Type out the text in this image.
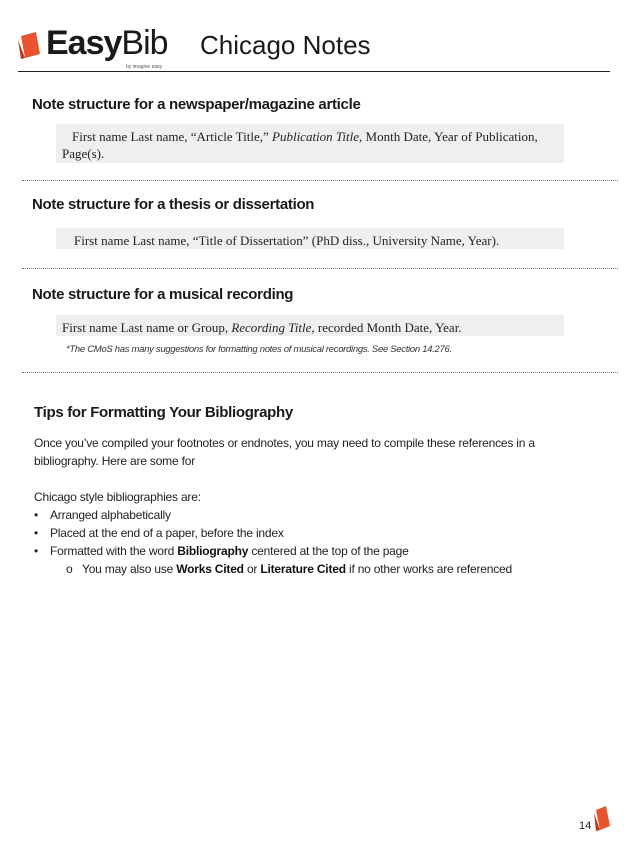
EasyBib
by imagine easy
Chicago Notes
Note structure for a newspaper/magazine article
First name Last name, “Article Title,” Publication Title, Month Date, Year of Publication, Page(s).
Note structure for a thesis or dissertation
First name Last name, “Title of Dissertation” (PhD diss., University Name, Year).
Note structure for a musical recording
First name Last name or Group, Recording Title, recorded Month Date, Year.
*The CMoS has many suggestions for formatting notes of musical recordings. See Section 14.276.
Tips for Formatting Your Bibliography

Once you’ve compiled your footnotes or endnotes, you may need to compile these references in a bibliography. Here are some for

Chicago style bibliographies are:

• Arranged alphabetically
• Placed at the end of a paper, before the index
• Formatted with the word Bibliography centered at the top of the page
o You may also use Works Cited or Literature Cited if no other works are referenced
14
